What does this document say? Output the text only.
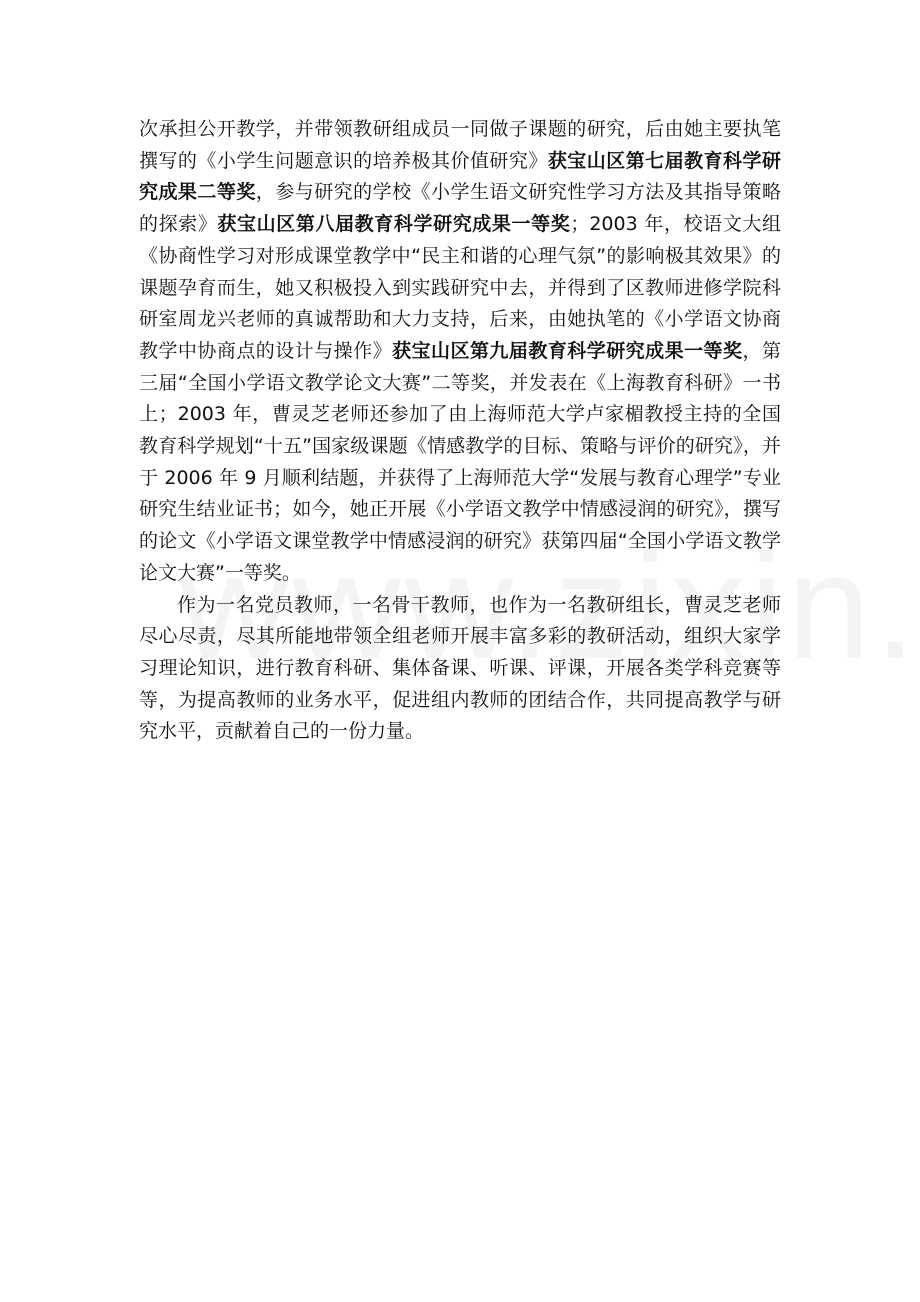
次承担公开教学，并带领教研组成员一同做子课题的研究，后由她主要执笔撰写的《小学生问题意识的培养极其价值研究》获宝山区第七届教育科学研究成果二等奖，参与研究的学校《小学生语文研究性学习方法及其指导策略的探索》获宝山区第八届教育科学研究成果一等奖；2003 年，校语文大组《协商性学习对形成课堂教学中“民主和谐的心理气氛”的影响极其效果》的课题孕育而生，她又积极投入到实践研究中去，并得到了区教师进修学院科研室周龙兴老师的真诚帮助和大力支持，后来，由她执笔的《小学语文协商教学中协商点的设计与操作》获宝山区第九届教育科学研究成果一等奖，第三届“全国小学语文教学论文大赛”二等奖，并发表在《上海教育科研》一书上；2003 年，曹灵芝老师还参加了由上海师范大学卢家楣教授主持的全国教育科学规划“十五”国家级课题《情感教学的目标、策略与评价的研究》，并于 2006 年 9 月顺利结题，并获得了上海师范大学“发展与教育心理学”专业研究生结业证书；如今，她正开展《小学语文教学中情感浸润的研究》，撰写的论文《小学语文课堂教学中情感浸润的研究》获第四届“全国小学语文教学论文大赛”一等奖。

作为一名党员教师，一名骨干教师，也作为一名教研组长，曹灵芝老师尽心尽责，尽其所能地带领全组老师开展丰富多彩的教研活动，组织大家学习理论知识，进行教育科研、集体备课、听课、评课，开展各类学科竞赛等等，为提高教师的业务水平，促进组内教师的团结合作，共同提高教学与研究水平，贡献着自己的一份力量。
